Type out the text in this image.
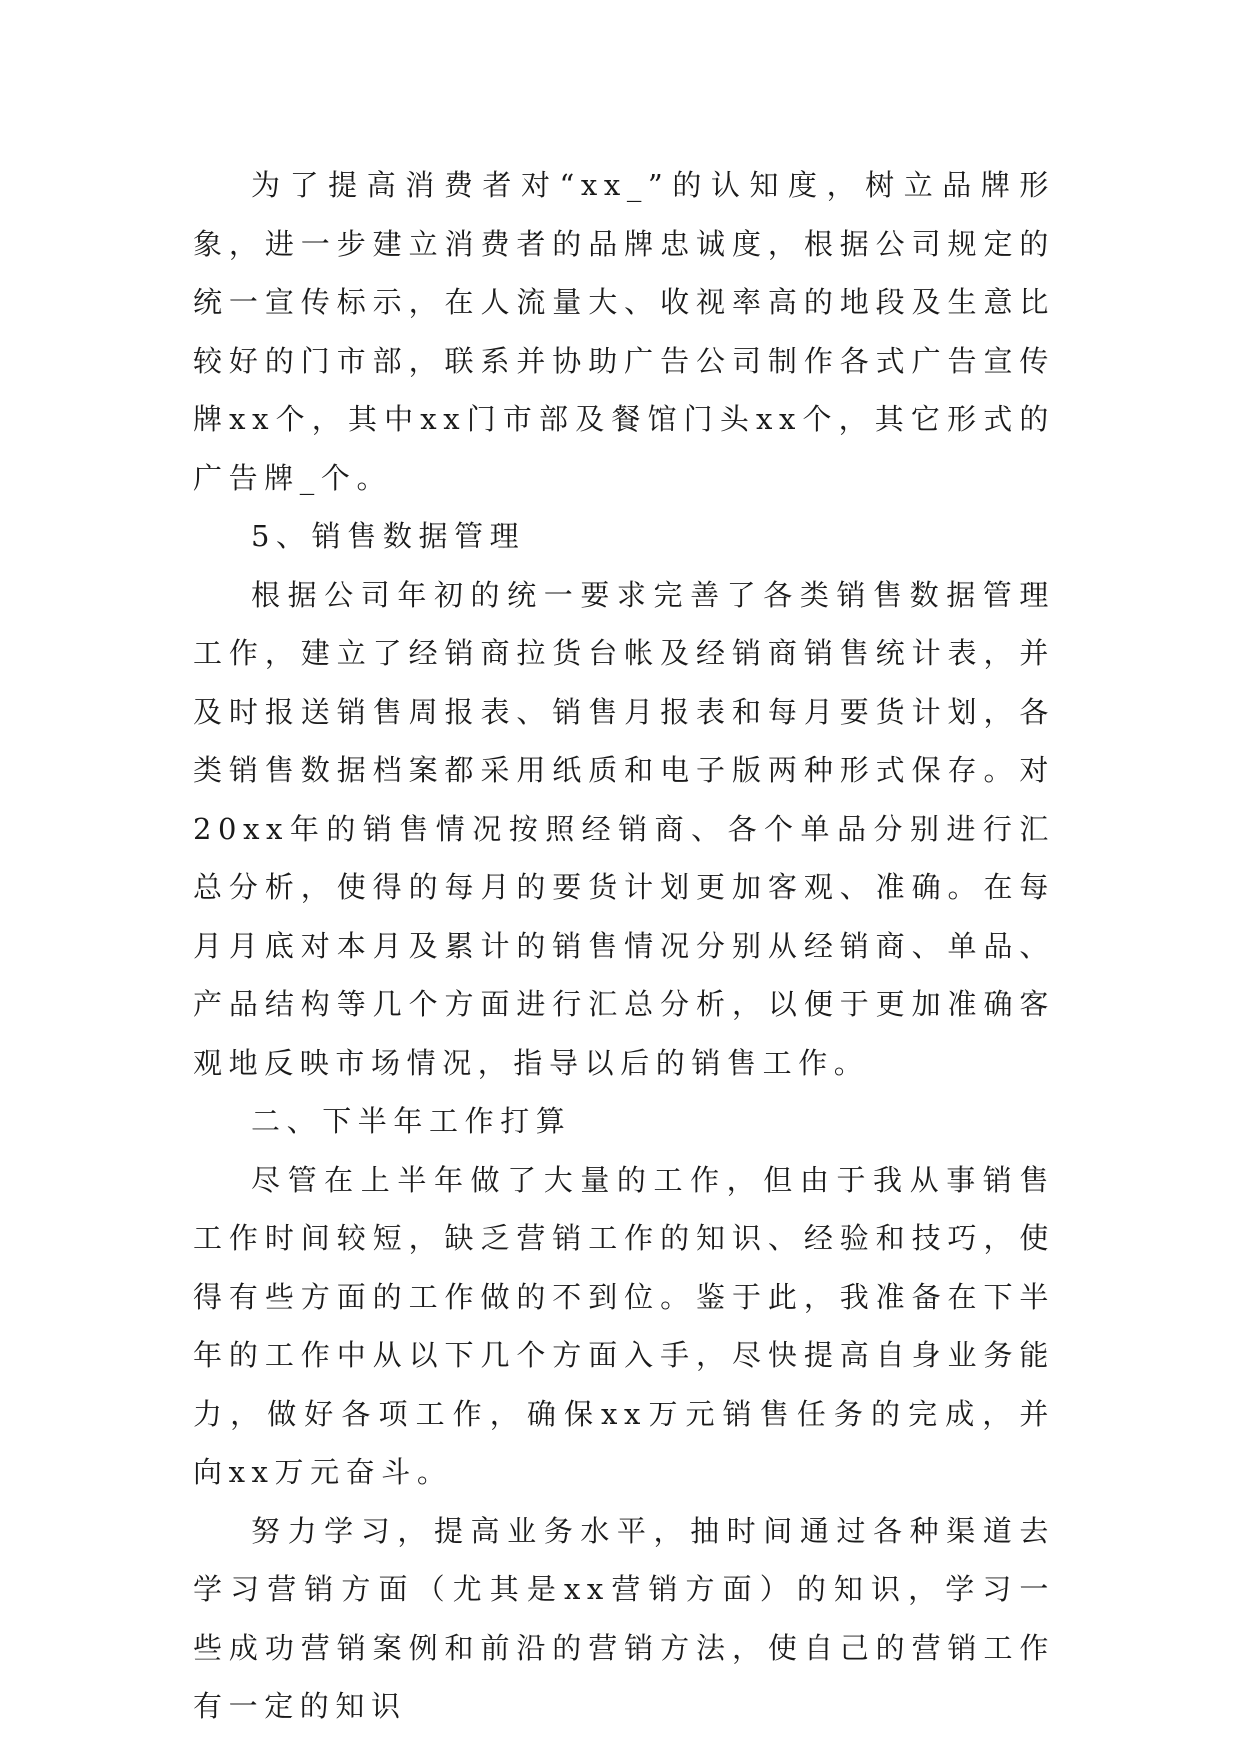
为了提高消费者对“xx_”的认知度，树立品牌形象，进一步建立消费者的品牌忠诚度，根据公司规定的统一宣传标示，在人流量大、收视率高的地段及生意比较好的门市部，联系并协助广告公司制作各式广告宣传牌xx个，其中xx门市部及餐馆门头xx个，其它形式的广告牌_个。

5、销售数据管理

根据公司年初的统一要求完善了各类销售数据管理工作，建立了经销商拉货台帐及经销商销售统计表，并及时报送销售周报表、销售月报表和每月要货计划，各类销售数据档案都采用纸质和电子版两种形式保存。对20xx年的销售情况按照经销商、各个单品分别进行汇总分析，使得的每月的要货计划更加客观、准确。在每月月底对本月及累计的销售情况分别从经销商、单品、产品结构等几个方面进行汇总分析，以便于更加准确客观地反映市场情况，指导以后的销售工作。

二、下半年工作打算

尽管在上半年做了大量的工作，但由于我从事销售工作时间较短，缺乏营销工作的知识、经验和技巧，使得有些方面的工作做的不到位。鉴于此，我准备在下半年的工作中从以下几个方面入手，尽快提高自身业务能力，做好各项工作，确保xx万元销售任务的完成，并向xx万元奋斗。

努力学习，提高业务水平，抽时间通过各种渠道去学习营销方面（尤其是xx营销方面）的知识，学习一些成功营销案例和前沿的营销方法，使自己的营销工作有一定的知识
